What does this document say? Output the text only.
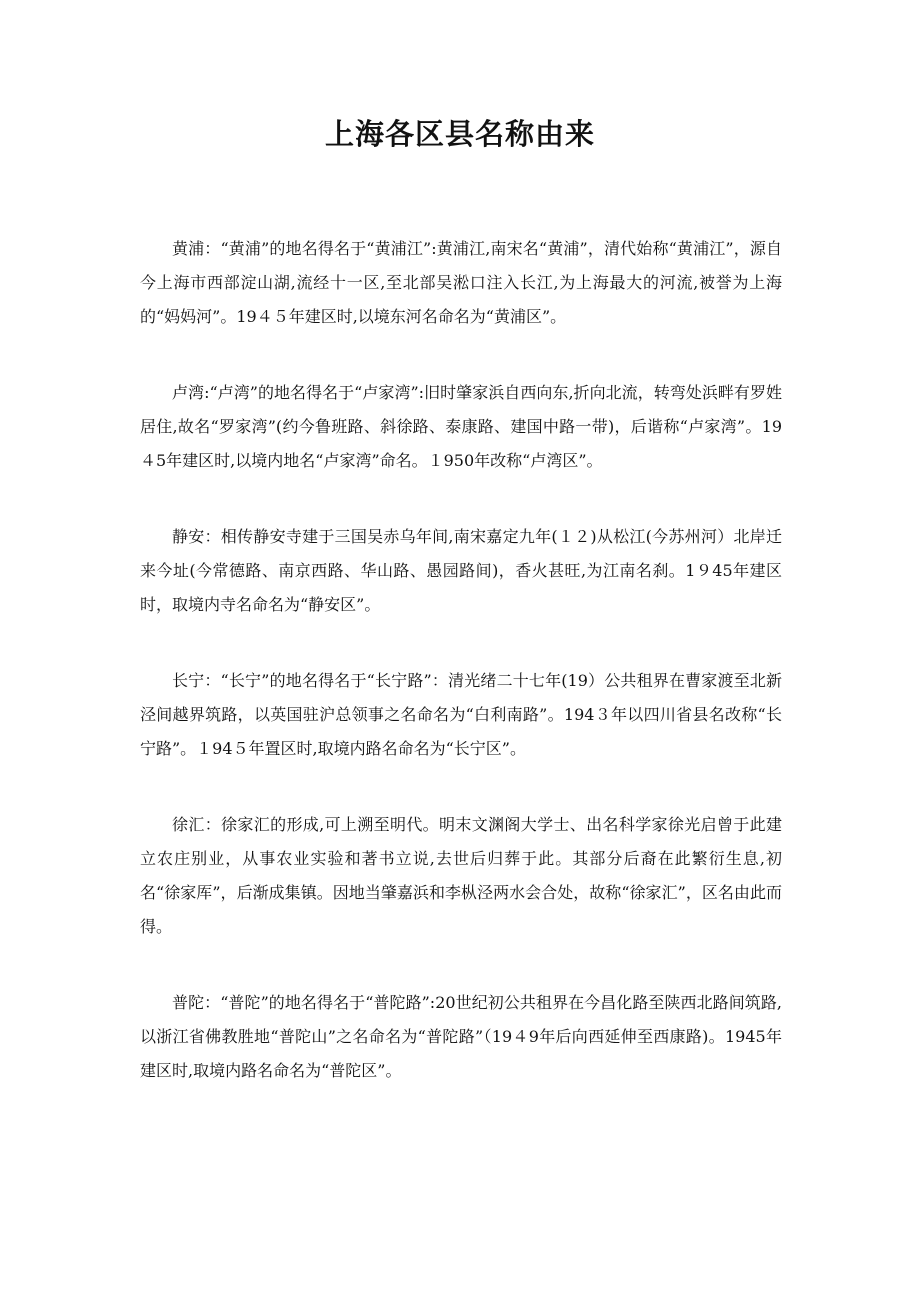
上海各区县名称由来

黄浦：“黄浦”的地名得名于“黄浦江”:黄浦江,南宋名“黄浦”，清代始称“黄浦江”，源自今上海市西部淀山湖,流经十一区,至北部吴淞口注入长江,为上海最大的河流,被誉为上海的“妈妈河”。19４５年建区时,以境东河名命名为“黄浦区”。

卢湾:“卢湾”的地名得名于“卢家湾”:旧时肇家浜自西向东,折向北流，转弯处浜畔有罗姓居住,故名“罗家湾”(约今鲁班路、斜徐路、泰康路、建国中路一带)，后谐称“卢家湾”。19４5年建区时,以境内地名“卢家湾”命名。１950年改称“卢湾区”。

静安：相传静安寺建于三国吴赤乌年间,南宋嘉定九年(１２)从松江(今苏州河）北岸迁来今址(今常德路、南京西路、华山路、愚园路间)，香火甚旺,为江南名刹。1９45年建区时，取境内寺名命名为“静安区”。

长宁：“长宁”的地名得名于“长宁路”：清光绪二十七年(19）公共租界在曹家渡至北新泾间越界筑路，以英国驻沪总领事之名命名为“白利南路”。194３年以四川省县名改称“长宁路”。１94５年置区时,取境内路名命名为“长宁区”。

徐汇：徐家汇的形成,可上溯至明代。明末文渊阁大学士、出名科学家徐光启曾于此建立农庄别业，从事农业实验和著书立说,去世后归葬于此。其部分后裔在此繁衍生息,初名“徐家厍”，后渐成集镇。因地当肇嘉浜和李枞泾两水会合处，故称“徐家汇”，区名由此而得。

普陀：“普陀”的地名得名于“普陀路”:20世纪初公共租界在今昌化路至陕西北路间筑路,以浙江省佛教胜地“普陀山”之名命名为“普陀路”（19４9年后向西延伸至西康路)。1945年建区时,取境内路名命名为“普陀区”。
